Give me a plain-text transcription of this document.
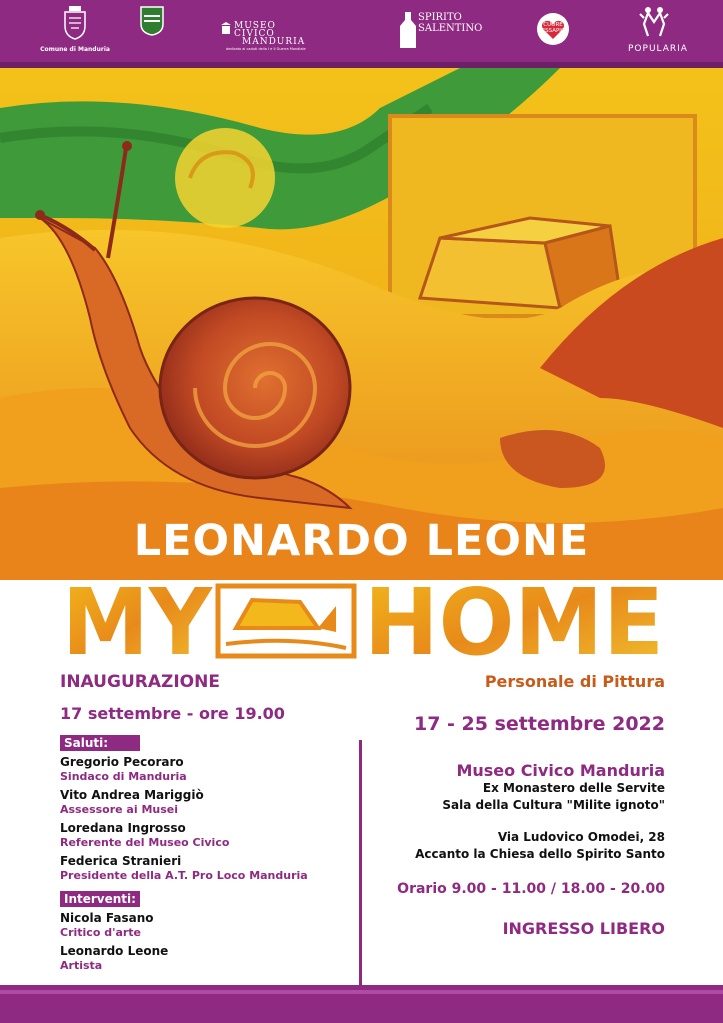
Comune di Manduria
MUSEO CIVICO
MANDURIA
dedicato ai caduti della I e II Guerra Mondiale
SPIRITO
SALENTINO	CUORE
MESSAPICO
POPULARIA
LEONARDO LEONE
MY HOME
INAUGURAZIONE
17 settembre - ore 19.00
Saluti:
Gregorio Pecoraro
Sindaco di Manduria
Vito Andrea Mariggiò
Assessore ai Musei
Loredana Ingrosso
Referente del Museo Civico
Federica Stranieri
Presidente della A.T. Pro Loco Manduria
Interventi:
Nicola Fasano
Critico d'arte
Leonardo Leone
Artista
Personale di Pittura
17 - 25 settembre 2022
Museo Civico Manduria
Ex Monastero delle Servite
Sala della Cultura "Milite ignoto"
Via Ludovico Omodei, 28
Accanto la Chiesa dello Spirito Santo
Orario 9.00 - 11.00 / 18.00 - 20.00
INGRESSO LIBERO
